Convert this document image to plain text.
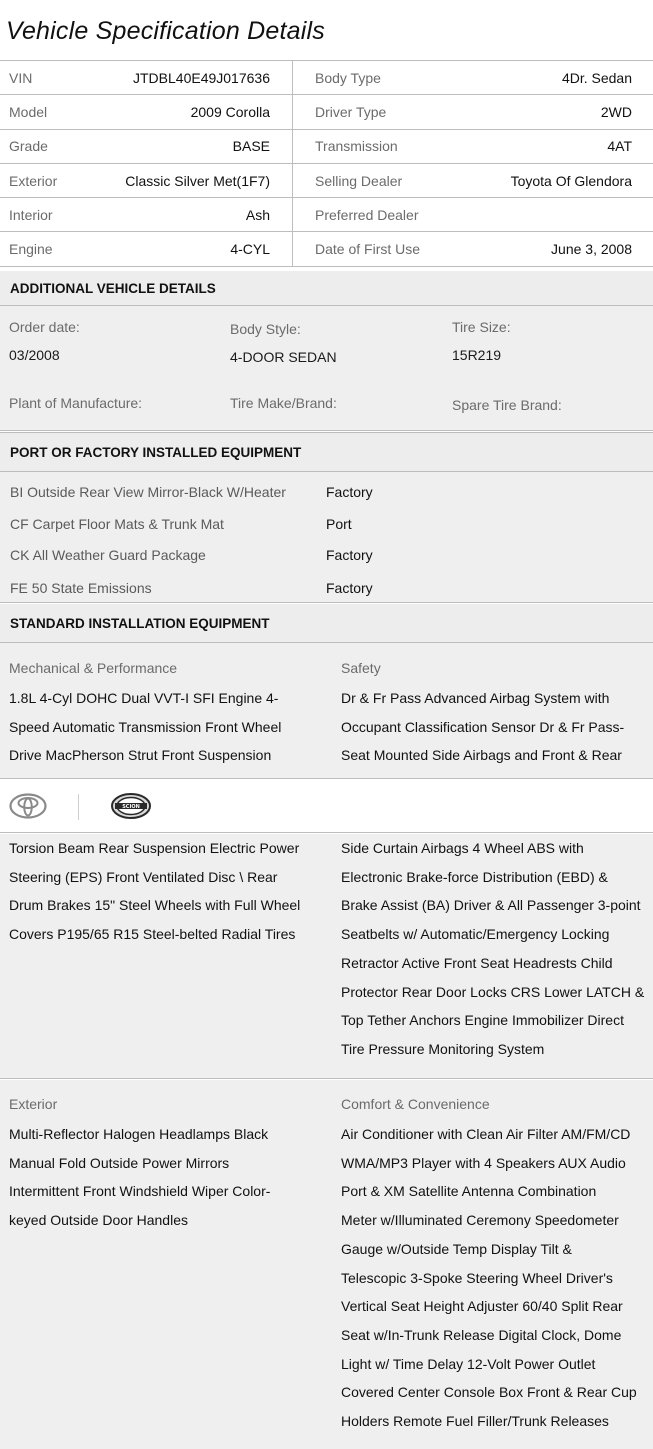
Vehicle Specification Details
VIN	JTDBL40E49J017636	Body Type	4Dr. Sedan
Model	2009 Corolla	Driver Type	2WD
Grade	BASE	Transmission	4AT
Exterior	Classic Silver Met(1F7)	Selling Dealer	Toyota Of Glendora
Interior	Ash	Preferred Dealer
Engine	4-CYL	Date of First Use	June 3, 2008
ADDITIONAL VEHICLE DETAILS
Order date:
03/2008
Body Style:
4-DOOR SEDAN
Tire Size:
15R219
Plant of Manufacture:	Tire Make/Brand:	Spare Tire Brand:
PORT OR FACTORY INSTALLED EQUIPMENT
BI Outside Rear View Mirror-Black W/Heater	Factory
CF Carpet Floor Mats & Trunk Mat	Port
CK All Weather Guard Package	Factory
FE 50 State Emissions	Factory
STANDARD INSTALLATION EQUIPMENT
Mechanical & Performance
1.8L 4-Cyl DOHC Dual VVT-I SFI Engine 4-
Speed Automatic Transmission Front Wheel
Drive MacPherson Strut Front Suspension
Safety
Dr & Fr Pass Advanced Airbag System with
Occupant Classification Sensor Dr & Fr Pass-
Seat Mounted Side Airbags and Front & Rear
SCION
Torsion Beam Rear Suspension Electric Power
Steering (EPS) Front Ventilated Disc \ Rear
Drum Brakes 15" Steel Wheels with Full Wheel
Covers P195/65 R15 Steel-belted Radial Tires
Side Curtain Airbags 4 Wheel ABS with
Electronic Brake-force Distribution (EBD) &
Brake Assist (BA) Driver & All Passenger 3-point
Seatbelts w/ Automatic/Emergency Locking
Retractor Active Front Seat Headrests Child
Protector Rear Door Locks CRS Lower LATCH &
Top Tether Anchors Engine Immobilizer Direct
Tire Pressure Monitoring System
Exterior
Multi-Reflector Halogen Headlamps Black
Manual Fold Outside Power Mirrors
Intermittent Front Windshield Wiper Color-
keyed Outside Door Handles
Comfort & Convenience
Air Conditioner with Clean Air Filter AM/FM/CD
WMA/MP3 Player with 4 Speakers AUX Audio
Port & XM Satellite Antenna Combination
Meter w/Illuminated Ceremony Speedometer
Gauge w/Outside Temp Display Tilt &
Telescopic 3-Spoke Steering Wheel Driver's
Vertical Seat Height Adjuster 60/40 Split Rear
Seat w/In-Trunk Release Digital Clock, Dome
Light w/ Time Delay 12-Volt Power Outlet
Covered Center Console Box Front & Rear Cup
Holders Remote Fuel Filler/Trunk Releases
